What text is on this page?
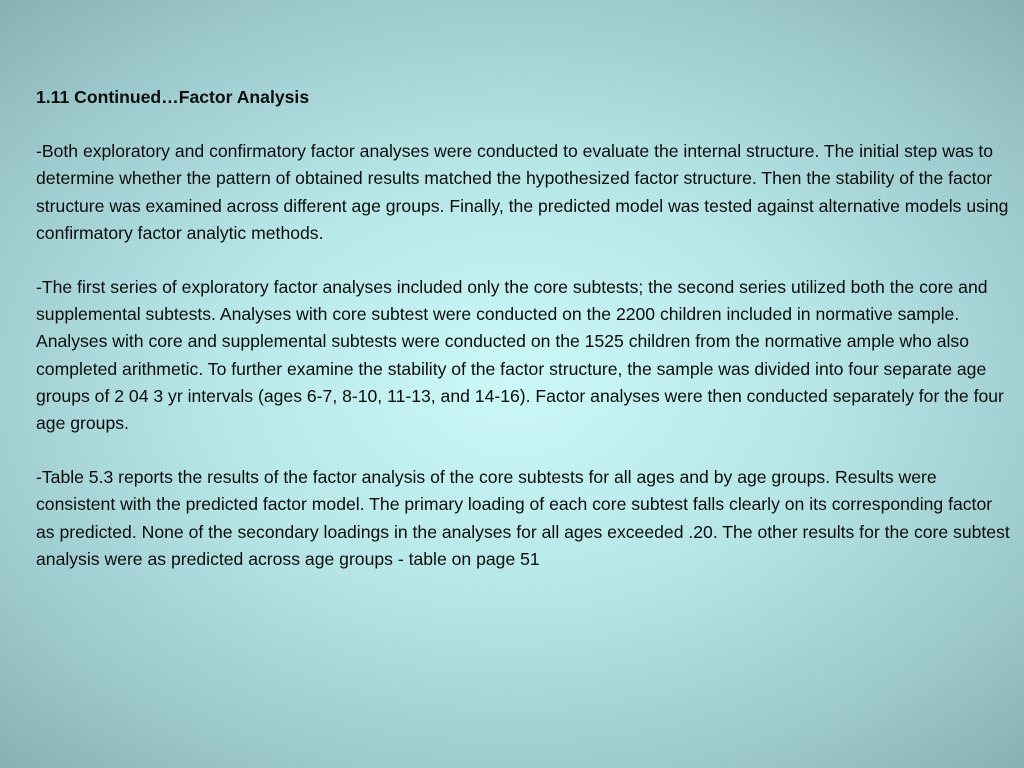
1.11 Continued…Factor Analysis
-Both exploratory and confirmatory factor analyses were conducted to evaluate the internal structure. The initial step was to determine whether the pattern of obtained results matched the hypothesized factor structure. Then the stability of the factor structure was examined across different age groups. Finally, the predicted model was tested against alternative models using confirmatory factor analytic methods.
-The first series of exploratory factor analyses included only the core subtests; the second series utilized both the core and supplemental subtests. Analyses with core subtest were conducted on the 2200 children included in normative sample. Analyses with core and supplemental subtests were conducted on the 1525 children from the normative ample who also completed arithmetic. To further examine the stability of the factor structure, the sample was divided into four separate age groups of 2 04 3 yr intervals (ages 6-7, 8-10, 11-13, and 14-16). Factor analyses were then conducted separately for the four age groups.
-Table 5.3 reports the results of the factor analysis of the core subtests for all ages and by age groups. Results were consistent with the predicted factor model. The primary loading of each core subtest falls clearly on its corresponding factor as predicted. None of the secondary loadings in the analyses for all ages exceeded .20. The other results for the core subtest analysis were as predicted across age groups - table on page 51
